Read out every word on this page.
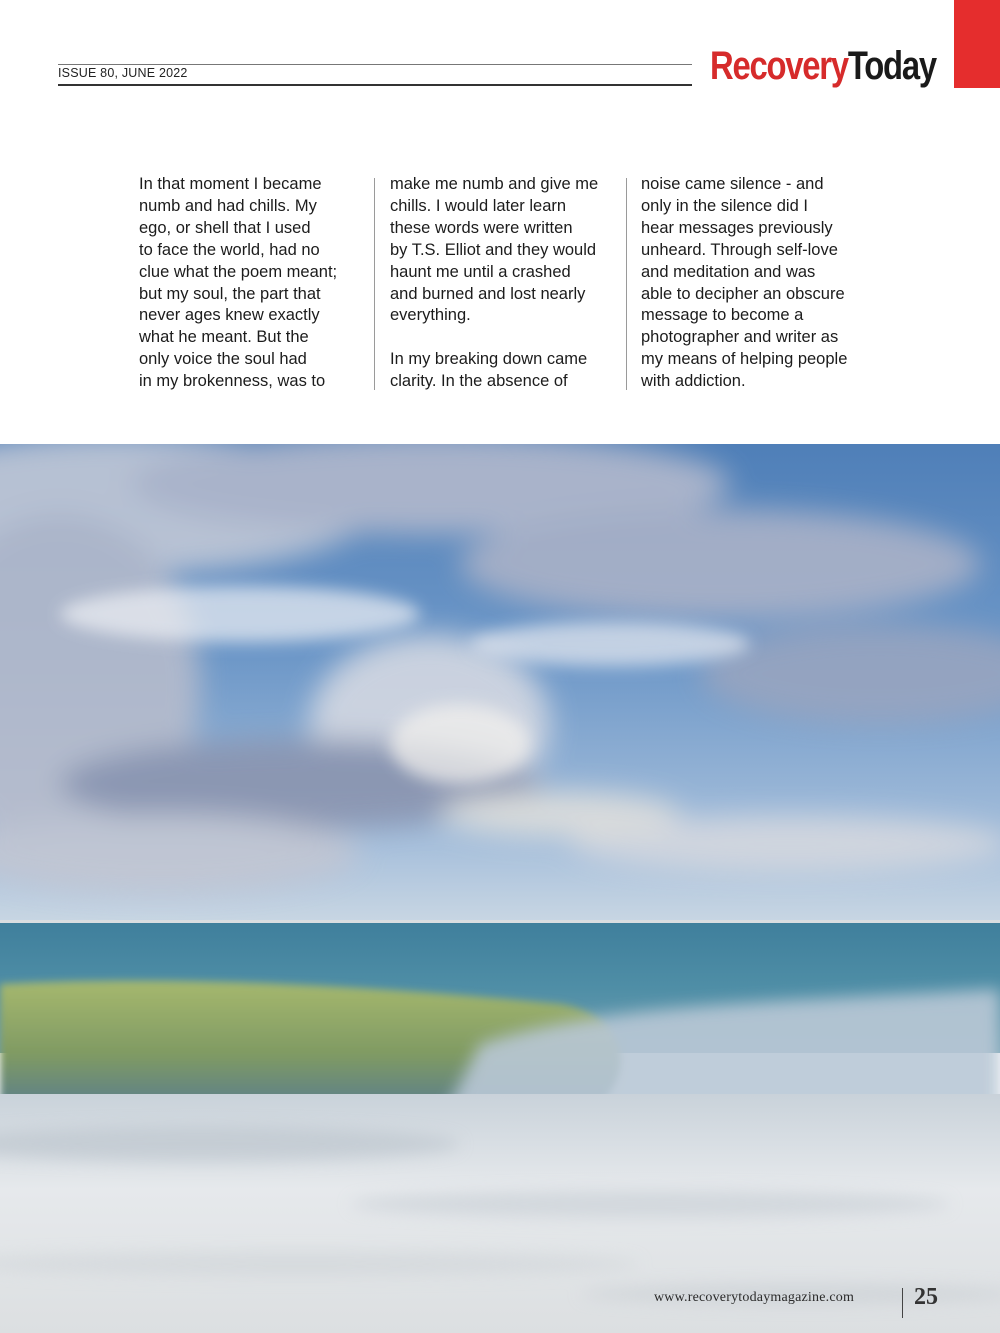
ISSUE 80, JUNE 2022	RecoveryToday
In that moment I became
numb and had chills. My
ego, or shell that I used
to face the world, had no
clue what the poem meant;
but my soul, the part that
never ages knew exactly
what he meant. But the
only voice the soul had
in my brokenness, was to
make me numb and give me
chills. I would later learn
these words were written
by T.S. Elliot and they would
haunt me until a crashed
and burned and lost nearly
everything.

In my breaking down came
clarity. In the absence of
noise came silence - and
only in the silence did I
hear messages previously
unheard. Through self-love
and meditation and was
able to decipher an obscure
message to become a
photographer and writer as
my means of helping people
with addiction.
www.recoverytodaymagazine.com 25
